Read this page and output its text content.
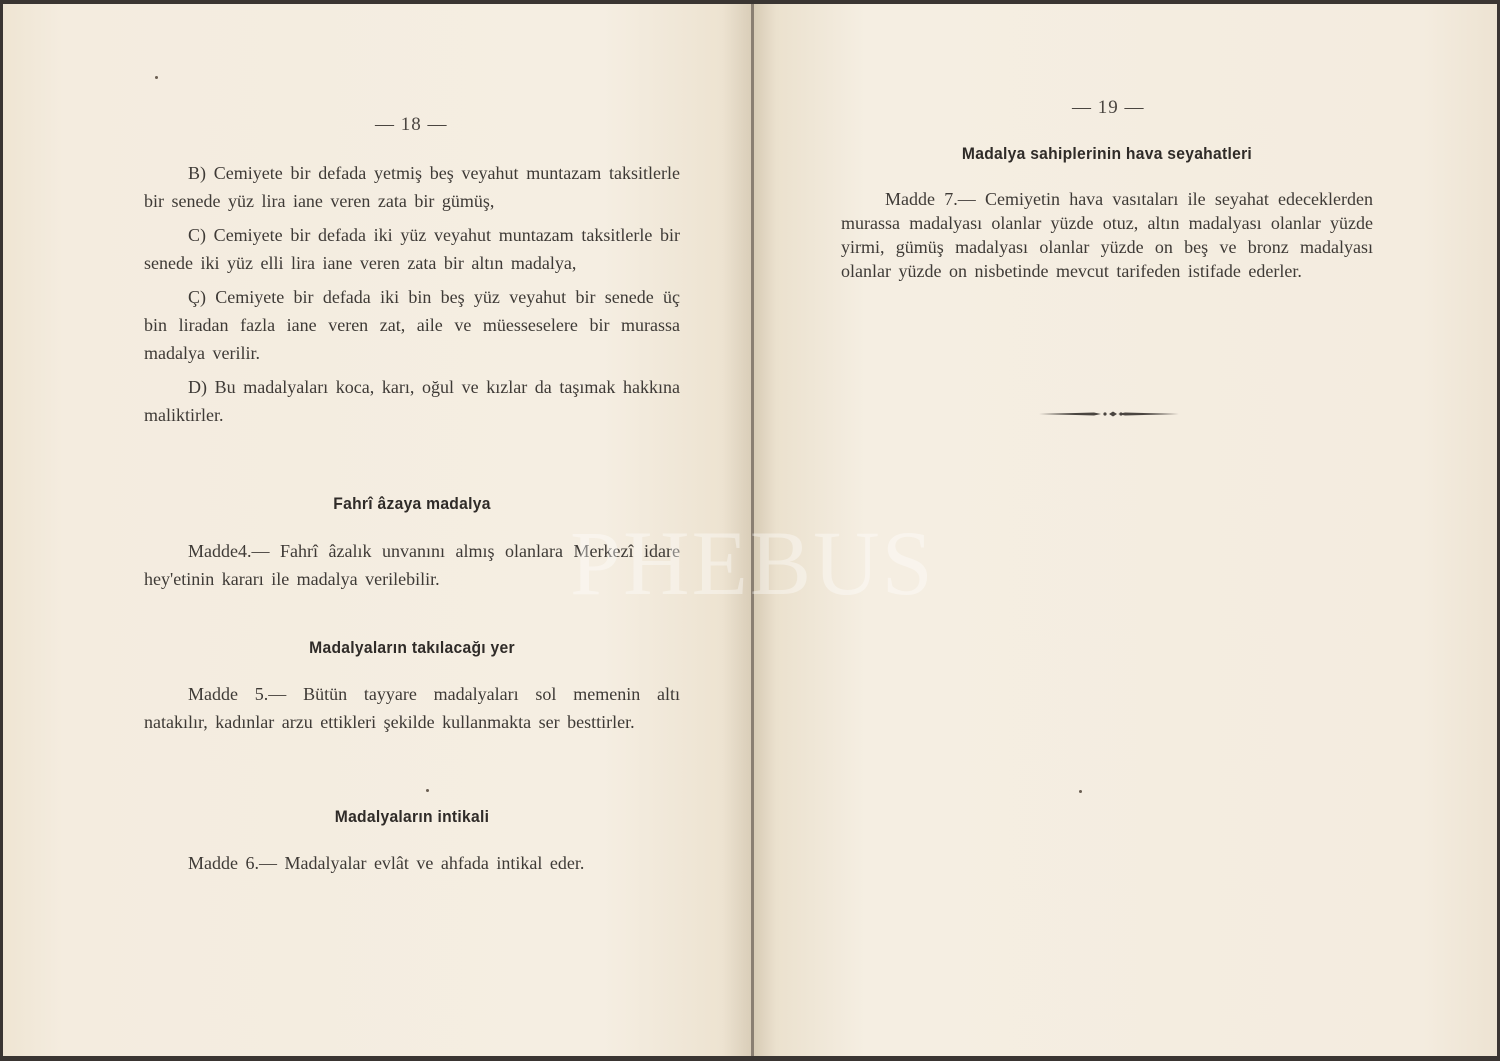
— 18 —

B) Cemiyete bir defada yetmiş beş veyahut muntazam taksitlerle bir senede yüz lira iane veren zata bir gümüş,

C) Cemiyete bir defada iki yüz veyahut muntazam taksitlerle bir senede iki yüz elli lira iane veren zata bir altın madalya,

Ç) Cemiyete bir defada iki bin beş yüz veyahut bir senede üç bin liradan fazla iane veren zat, aile ve müesseselere bir murassa madalya verilir.

D) Bu madalyaları koca, karı, oğul ve kızlar da taşımak hakkına maliktirler.

Fahrî âzaya madalya

Madde4.— Fahrî âzalık unvanını almış olanlara Merkezî idare hey'etinin kararı ile madalya verilebilir.

Madalyaların takılacağı yer

Madde 5.— Bütün tayyare madalyaları sol memenin altı natakılır, kadınlar arzu ettikleri şekilde kullanmakta ser besttirler.

Madalyaların intikali

Madde 6.— Madalyalar evlât ve ahfada intikal eder.

— 19 —
Madalya sahiplerinin hava seyahatleri

Madde 7.— Cemiyetin hava vasıtaları ile seyahat edeceklerden murassa madalyası olanlar yüzde otuz, altın madalyası olanlar yüzde yirmi, gümüş madalyası olanlar yüzde on beş ve bronz madalyası olanlar yüzde on nisbetinde mevcut tarifeden istifade ederler.

PHEBUS
